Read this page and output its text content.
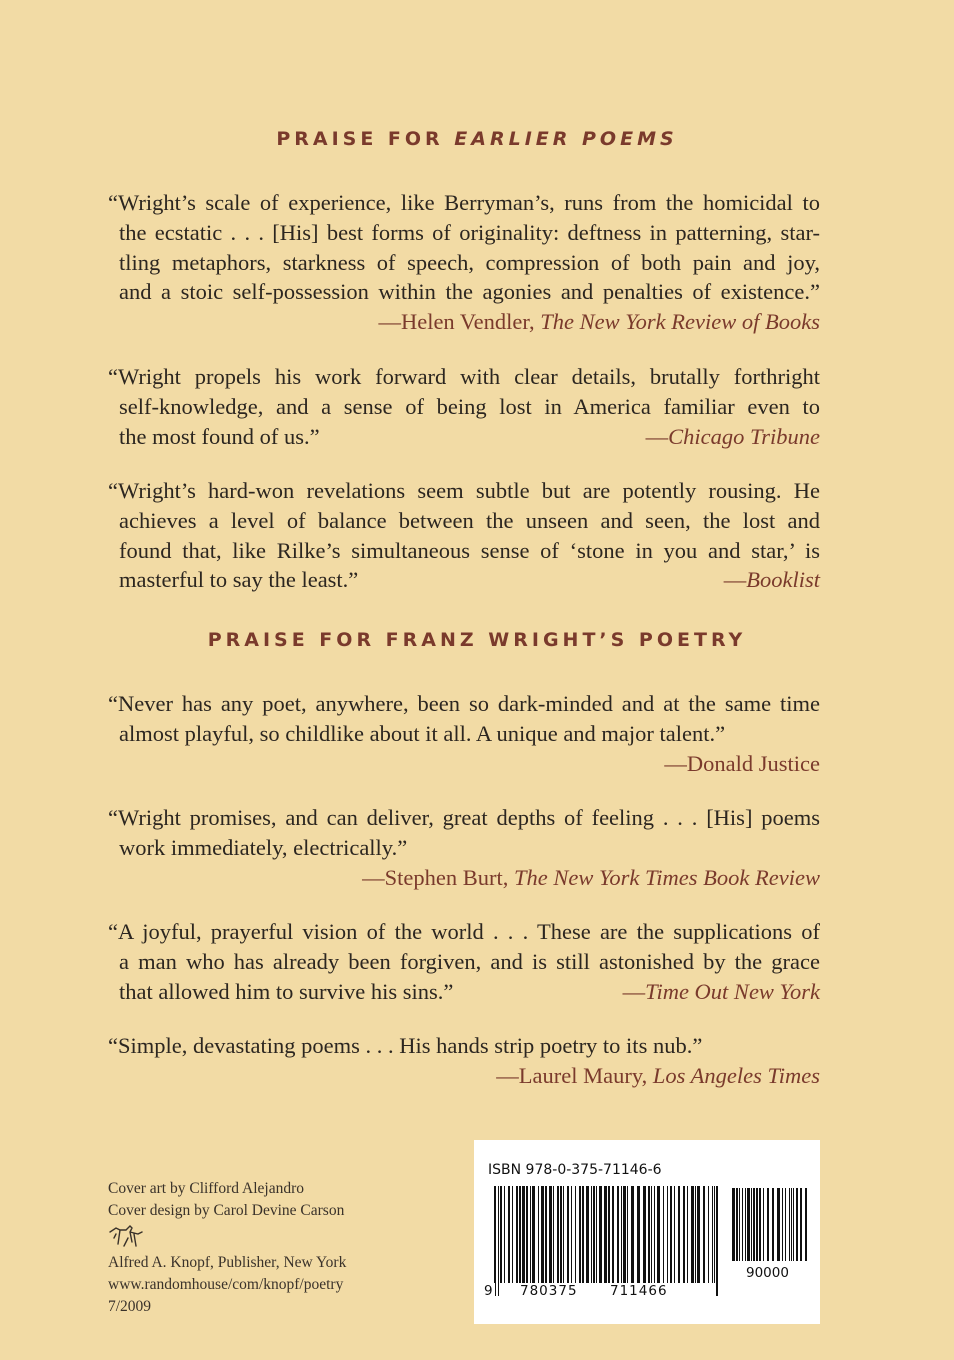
PRAISE FOR EARLIER POEMS
“Wright’s scale of experience, like Berryman’s, runs from the homicidal to
the ecstatic . . . [His] best forms of originality: deftness in patterning, star-
tling metaphors, starkness of speech, compression of both pain and joy,
and a stoic self-possession within the agonies and penalties of existence.”
—Helen Vendler, The New York Review of Books
“Wright propels his work forward with clear details, brutally forthright
self-knowledge, and a sense of being lost in America familiar even to
the most found of us.”	—Chicago Tribune
“Wright’s hard-won revelations seem subtle but are potently rousing. He
achieves a level of balance between the unseen and seen, the lost and
found that, like Rilke’s simultaneous sense of ‘stone in you and star,’ is
masterful to say the least.”	—Booklist
PRAISE FOR FRANZ WRIGHT’S POETRY
“Never has any poet, anywhere, been so dark-minded and at the same time
almost playful, so childlike about it all. A unique and major talent.”
—Donald Justice
“Wright promises, and can deliver, great depths of feeling . . . [His] poems
work immediately, electrically.”
—Stephen Burt, The New York Times Book Review
“A joyful, prayerful vision of the world . . . These are the supplications of
a man who has already been forgiven, and is still astonished by the grace
that allowed him to survive his sins.”	—Time Out New York
“Simple, devastating poems . . . His hands strip poetry to its nub.”
—Laurel Maury, Los Angeles Times
Cover art by Clifford Alejandro
Cover design by Carol Devine Carson
Alfred A. Knopf, Publisher, New York
www.randomhouse/com/knopf/poetry
7/2009
ISBN 978-0-375-71146-6
9 780375 711466
90000
